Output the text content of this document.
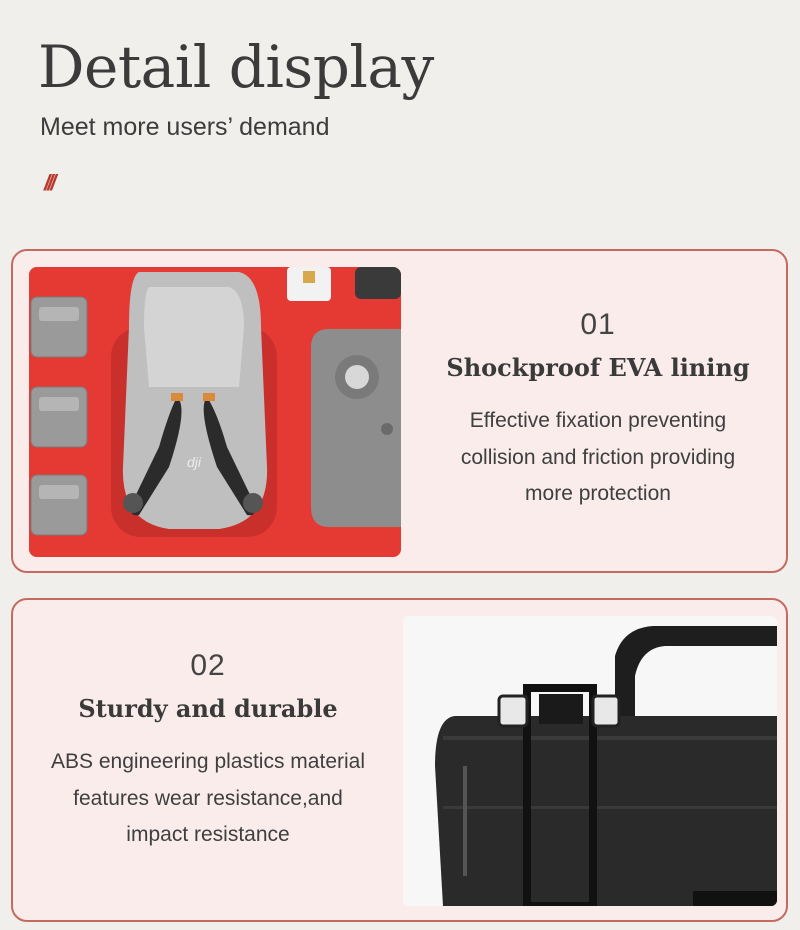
Detail display
Meet more users’ demand
///
dji
01
Shockproof EVA lining
Effective fixation preventing
collision and friction providing
more protection
02
Sturdy and durable
ABS engineering plastics material
features wear resistance,and
impact resistance
